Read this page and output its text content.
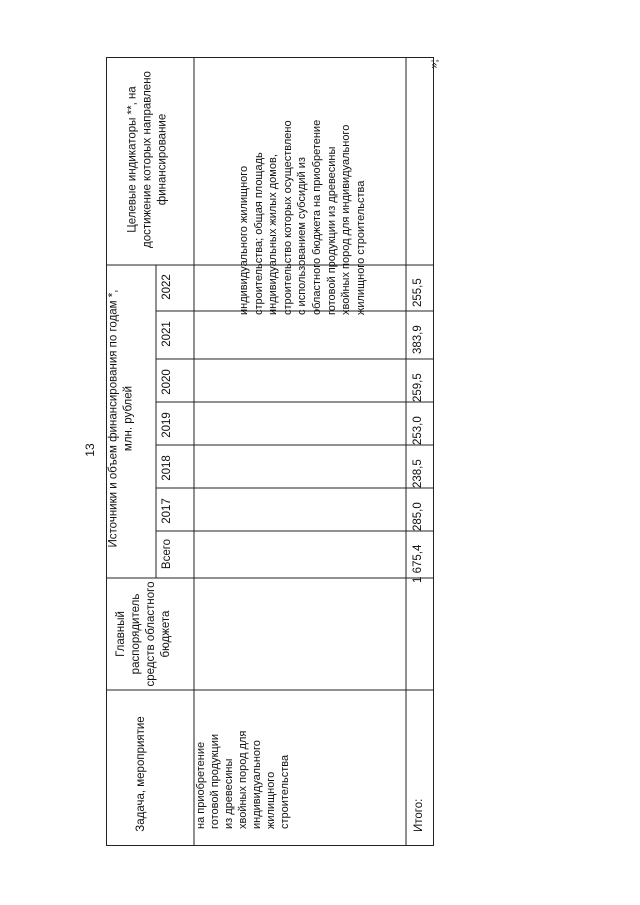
13
Целевые индикаторы **, на достижение которых направлено финансирование
Источники и объем финансирования по годам *, млн. рублей
Главный распорядитель средств областного бюджета
Задача, мероприятие
2022
2021
2020
2019
2018
2017
Всего
на приобретение готовой продукции из древесины хвойных пород для индивидуального жилищного строительства
индивидуального жилищного строительства; общая площадь индивидуальных жилых домов, строительство которых осуществлено с использованием субсидий из областного бюджета на приобретение готовой продукции из древесины хвойных пород для индивидуального жилищного строительства
Итого:
1 675,4
285,0
238,5
253,0
259,5
383,9
255,5
»;
